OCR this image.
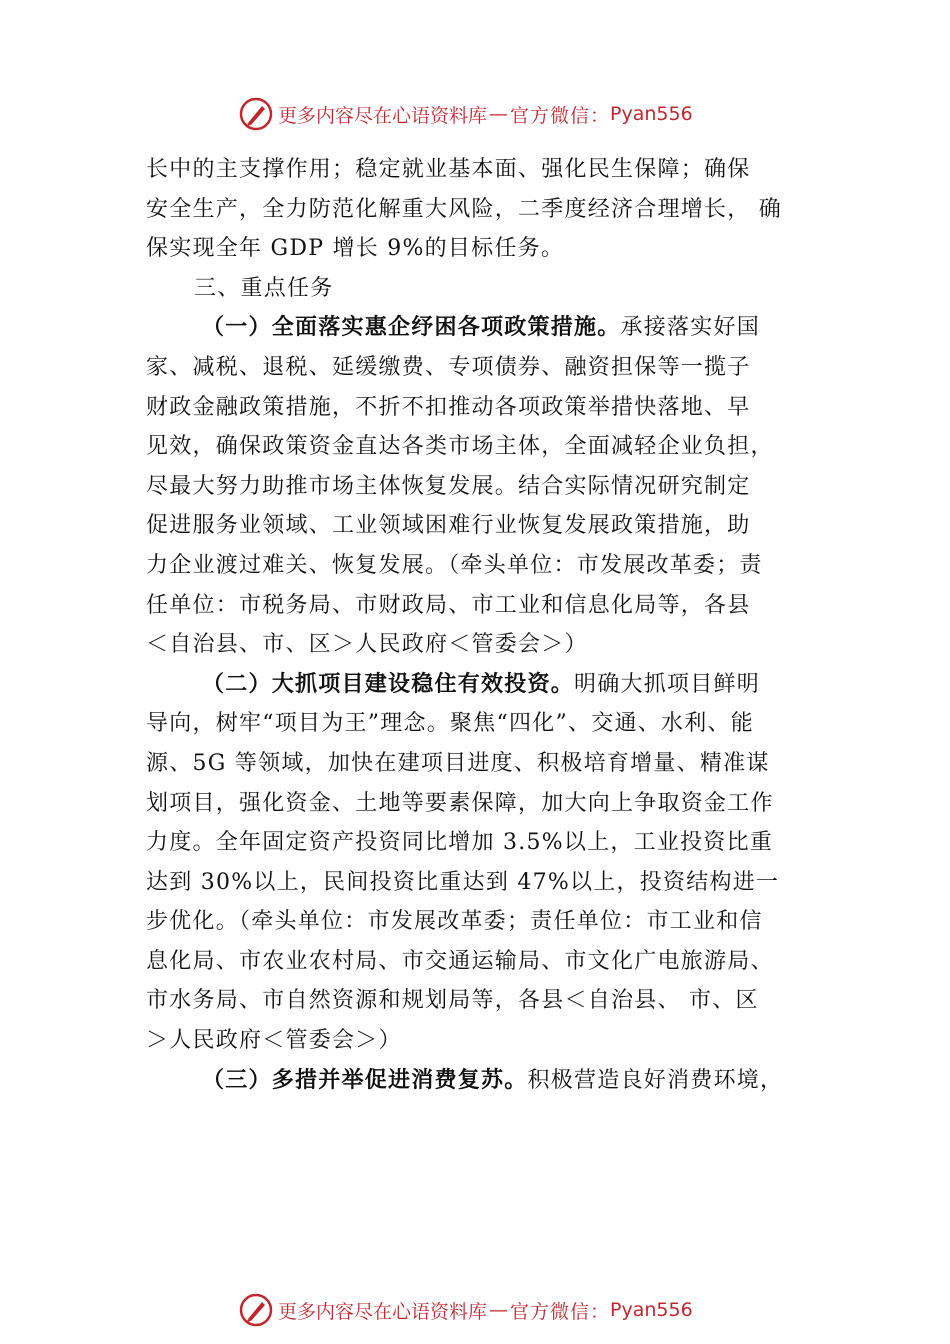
更多内容尽在心语资料库 — 官方微信： Pyan556
长中的主支撑作用；稳定就业基本面、强化民生保障；确保
安全生产，全力防范化解重大风险，二季度经济合理增长， 确
保实现全年 GDP 增长 9%的目标任务。
三、重点任务
（一）全面落实惠企纾困各项政策措施。承接落实好国
家、减税、退税、延缓缴费、专项债券、融资担保等一揽子
财政金融政策措施，不折不扣推动各项政策举措快落地、早
见效，确保政策资金直达各类市场主体，全面减轻企业负担，
尽最大努力助推市场主体恢复发展。结合实际情况研究制定
促进服务业领域、工业领域困难行业恢复发展政策措施，助
力企业渡过难关、恢复发展。（牵头单位：市发展改革委；责
任单位：市税务局、市财政局、市工业和信息化局等，各县
＜自治县、市、区＞人民政府＜管委会＞）
（二）大抓项目建设稳住有效投资。明确大抓项目鲜明
导向，树牢“项目为王”理念。聚焦“四化”、交通、水利、能
源、5G 等领域，加快在建项目进度、积极培育增量、精准谋
划项目，强化资金、土地等要素保障，加大向上争取资金工作
力度。全年固定资产投资同比增加 3.5%以上，工业投资比重
达到 30%以上，民间投资比重达到 47%以上，投资结构进一
步优化。（牵头单位：市发展改革委；责任单位：市工业和信
息化局、市农业农村局、市交通运输局、市文化广电旅游局、
市水务局、市自然资源和规划局等，各县＜自治县、 市、区
＞人民政府＜管委会＞）
（三）多措并举促进消费复苏。积极营造良好消费环境，
更多内容尽在心语资料库 — 官方微信： Pyan556
